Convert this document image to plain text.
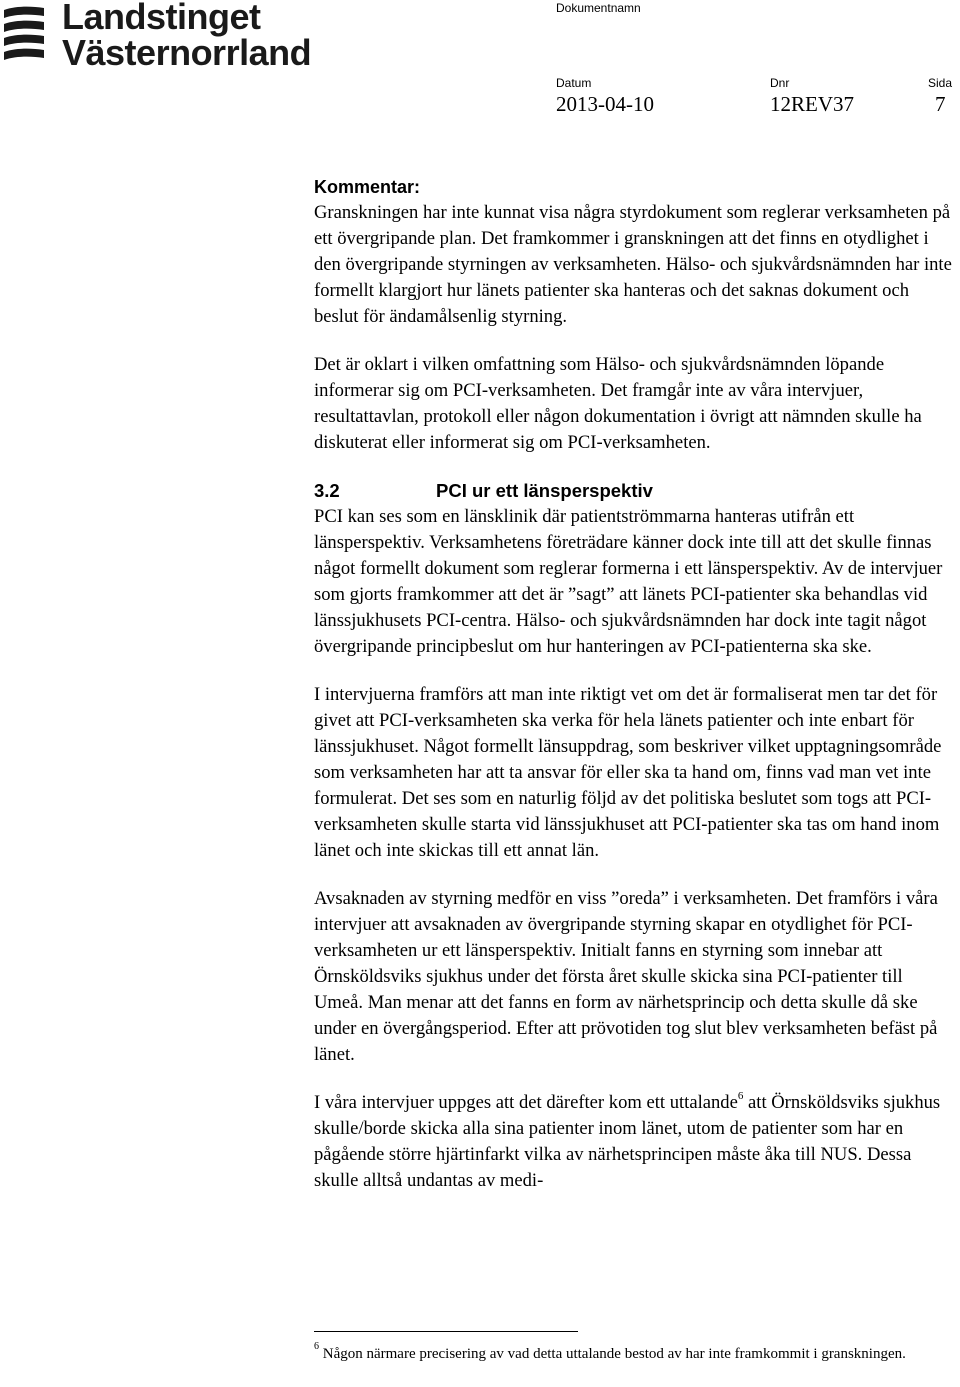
Landstinget
Västernorrland
Dokumentnamn
Datum
2013-04-10
Dnr
12REV37
Sida
7
Kommentar:

Granskningen har inte kunnat visa några styrdokument som reglerar verksamheten på ett övergripande plan. Det framkommer i granskningen att det finns en otydlighet i den övergripande styrningen av verksamheten. Hälso- och sjukvårdsnämnden har inte formellt klargjort hur länets patienter ska hanteras och det saknas dokument och beslut för ändamålsenlig styrning.

Det är oklart i vilken omfattning som Hälso- och sjukvårdsnämnden löpande informerar sig om PCI-verksamheten. Det framgår inte av våra intervjuer, resultattavlan, protokoll eller någon dokumentation i övrigt att nämnden skulle ha diskuterat eller informerat sig om PCI-verksamheten.

3.2	PCI ur ett länsperspektiv

PCI kan ses som en länsklinik där patientströmmarna hanteras utifrån ett länsperspektiv. Verksamhetens företrädare känner dock inte till att det skulle finnas något formellt dokument som reglerar formerna i ett länsperspektiv. Av de intervjuer som gjorts framkommer att det är ”sagt” att länets PCI-patienter ska behandlas vid länssjukhusets PCI-centra. Hälso- och sjukvårdsnämnden har dock inte tagit något övergripande principbeslut om hur hanteringen av PCI-patienterna ska ske.

I intervjuerna framförs att man inte riktigt vet om det är formaliserat men tar det för givet att PCI-verksamheten ska verka för hela länets patienter och inte enbart för länssjukhuset. Något formellt länsuppdrag, som beskriver vilket upptagningsområde som verksamheten har att ta ansvar för eller ska ta hand om, finns vad man vet inte formulerat. Det ses som en naturlig följd av det politiska beslutet som togs att PCI-verksamheten skulle starta vid länssjukhuset att PCI-patienter ska tas om hand inom länet och inte skickas till ett annat län.

Avsaknaden av styrning medför en viss ”oreda” i verksamheten. Det framförs i våra intervjuer att avsaknaden av övergripande styrning skapar en otydlighet för PCI-verksamheten ur ett länsperspektiv. Initialt fanns en styrning som innebar att Örnsköldsviks sjukhus under det första året skulle skicka sina PCI-patienter till Umeå. Man menar att det fanns en form av närhetsprincip och detta skulle då ske under en övergångsperiod. Efter att prövotiden tog slut blev verksamheten befäst på länet.

I våra intervjuer uppges att det därefter kom ett uttalande$^6$ att Örnsköldsviks sjukhus skulle/borde skicka alla sina patienter inom länet, utom de patienter som har en pågående större hjärtinfarkt vilka av närhetsprincipen måste åka till NUS. Dessa skulle alltså undantas av medi-

$^6$ Någon närmare precisering av vad detta uttalande bestod av har inte framkommit i granskningen.
